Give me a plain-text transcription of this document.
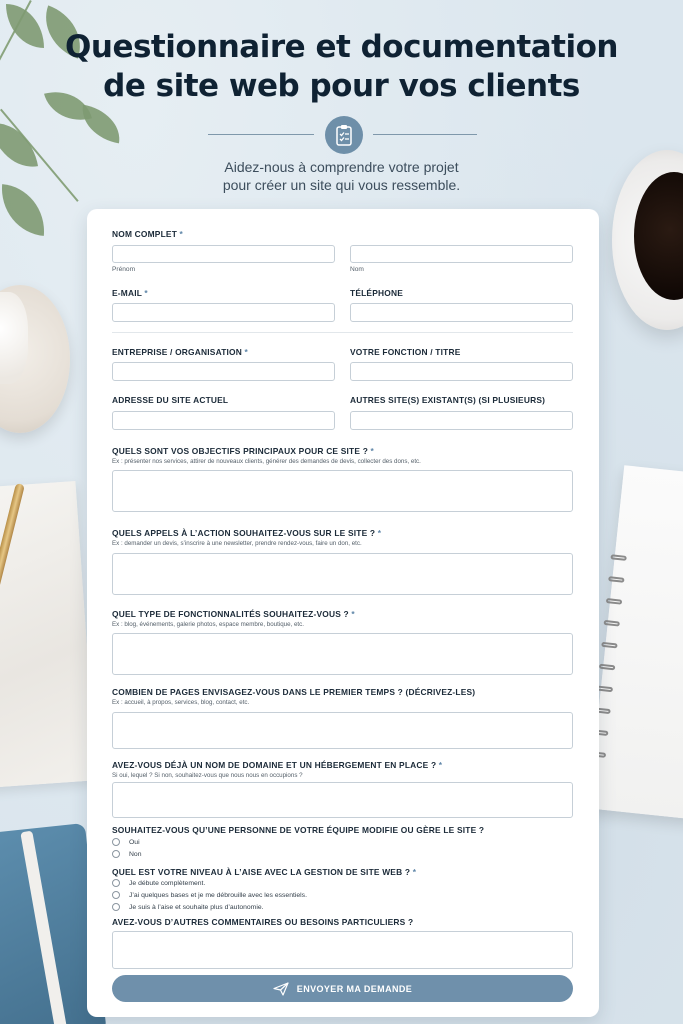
Questionnaire et documentation
de site web pour vos clients
Aidez-nous à comprendre votre projet
pour créer un site qui vous ressemble.
NOM COMPLET *
Prénom	Nom
E-MAIL *	TÉLÉPHONE
ENTREPRISE / ORGANISATION *	VOTRE FONCTION / TITRE
ADRESSE DU SITE ACTUEL	AUTRES SITE(S) EXISTANT(S) (SI PLUSIEURS)
QUELS SONT VOS OBJECTIFS PRINCIPAUX POUR CE SITE ? *
Ex : présenter nos services, attirer de nouveaux clients, générer des demandes de devis, collecter des dons, etc.
QUELS APPELS À L’ACTION SOUHAITEZ-VOUS SUR LE SITE ? *
Ex : demander un devis, s’inscrire à une newsletter, prendre rendez-vous, faire un don, etc.
QUEL TYPE DE FONCTIONNALITÉS SOUHAITEZ-VOUS ? *
Ex : blog, événements, galerie photos, espace membre, boutique, etc.
COMBIEN DE PAGES ENVISAGEZ-VOUS DANS LE PREMIER TEMPS ? (DÉCRIVEZ-LES)
Ex : accueil, à propos, services, blog, contact, etc.
AVEZ-VOUS DÉJÀ UN NOM DE DOMAINE ET UN HÉBERGEMENT EN PLACE ? *
Si oui, lequel ? Si non, souhaitez-vous que nous nous en occupions ?
SOUHAITEZ-VOUS QU’UNE PERSONNE DE VOTRE ÉQUIPE MODIFIE OU GÈRE LE SITE ?
Oui
Non
QUEL EST VOTRE NIVEAU À L’AISE AVEC LA GESTION DE SITE WEB ? *
Je débute complètement.
J’ai quelques bases et je me débrouille avec les essentiels.
Je suis à l’aise et souhaite plus d’autonomie.
AVEZ-VOUS D’AUTRES COMMENTAIRES OU BESOINS PARTICULIERS ?
ENVOYER MA DEMANDE
